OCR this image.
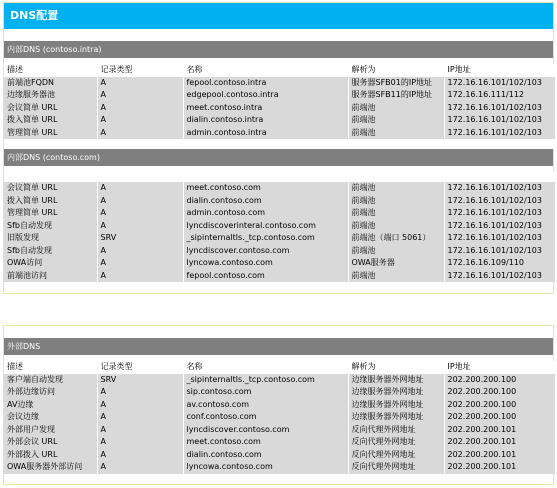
DNS配置
内部DNS (contoso.intra)
描述	记录类型	名称	解析为	IP地址
前端池FQDN	A	fepool.contoso.intra	服务器SFB01的IP地址	172.16.16.101/102/103
边缘服务器池	A	edgepool.contoso.intra	服务器SFB11的IP地址	172.16.16.111/112
会议简单 URL	A	meet.contoso.intra	前端池	172.16.16.101/102/103
拨入简单 URL	A	dialin.contoso.intra	前端池	172.16.16.101/102/103
管理简单 URL	A	admin.contoso.intra	前端池	172.16.16.101/102/103

内部DNS (contoso.com)

会议简单 URL	A	meet.contoso.com	前端池	172.16.16.101/102/103
拨入简单 URL	A	dialin.contoso.com	前端池	172.16.16.101/102/103
管理简单 URL	A	admin.contoso.com	前端池	172.16.16.101/102/103
Sfb自动发现	A	lyncdiscoverinteral.contoso.com	前端池	172.16.16.101/102/103
旧版发现	SRV	_sipinternaltls._tcp.contoso.com	前端池（端口 5061）	172.16.16.101/102/103
Sfb自动发现	A	lyncdiscover.contoso.com	前端池	172.16.16.101/102/103
OWA访问	A	lyncowa.contoso.com	OWA服务器	172.16.16.109/110
前端池访问	A	fepool.contoso.com	前端池	172.16.16.101/102/103
外部DNS
描述	记录类型	名称	解析为	IP地址
客户端自动发现	SRV	_sipinternaltls._tcp.contoso.com	边缘服务器外网地址	202.200.200.100
外部边缘访问	A	sip.contoso.com	边缘服务器外网地址	202.200.200.100
AV边缘	A	av.contoso.com	边缘服务器外网地址	202.200.200.100
会议边缘	A	conf.contoso.com	边缘服务器外网地址	202.200.200.100
外部用户发现	A	lyncdiscover.contoso.com	反向代理外网地址	202.200.200.101
外部会议 URL	A	meet.contoso.com	反向代理外网地址	202.200.200.101
外部拨入 URL	A	dialin.contoso.com	反向代理外网地址	202.200.200.101
OWA服务器外部访问	A	lyncowa.contoso.com	反向代理外网地址	202.200.200.101
